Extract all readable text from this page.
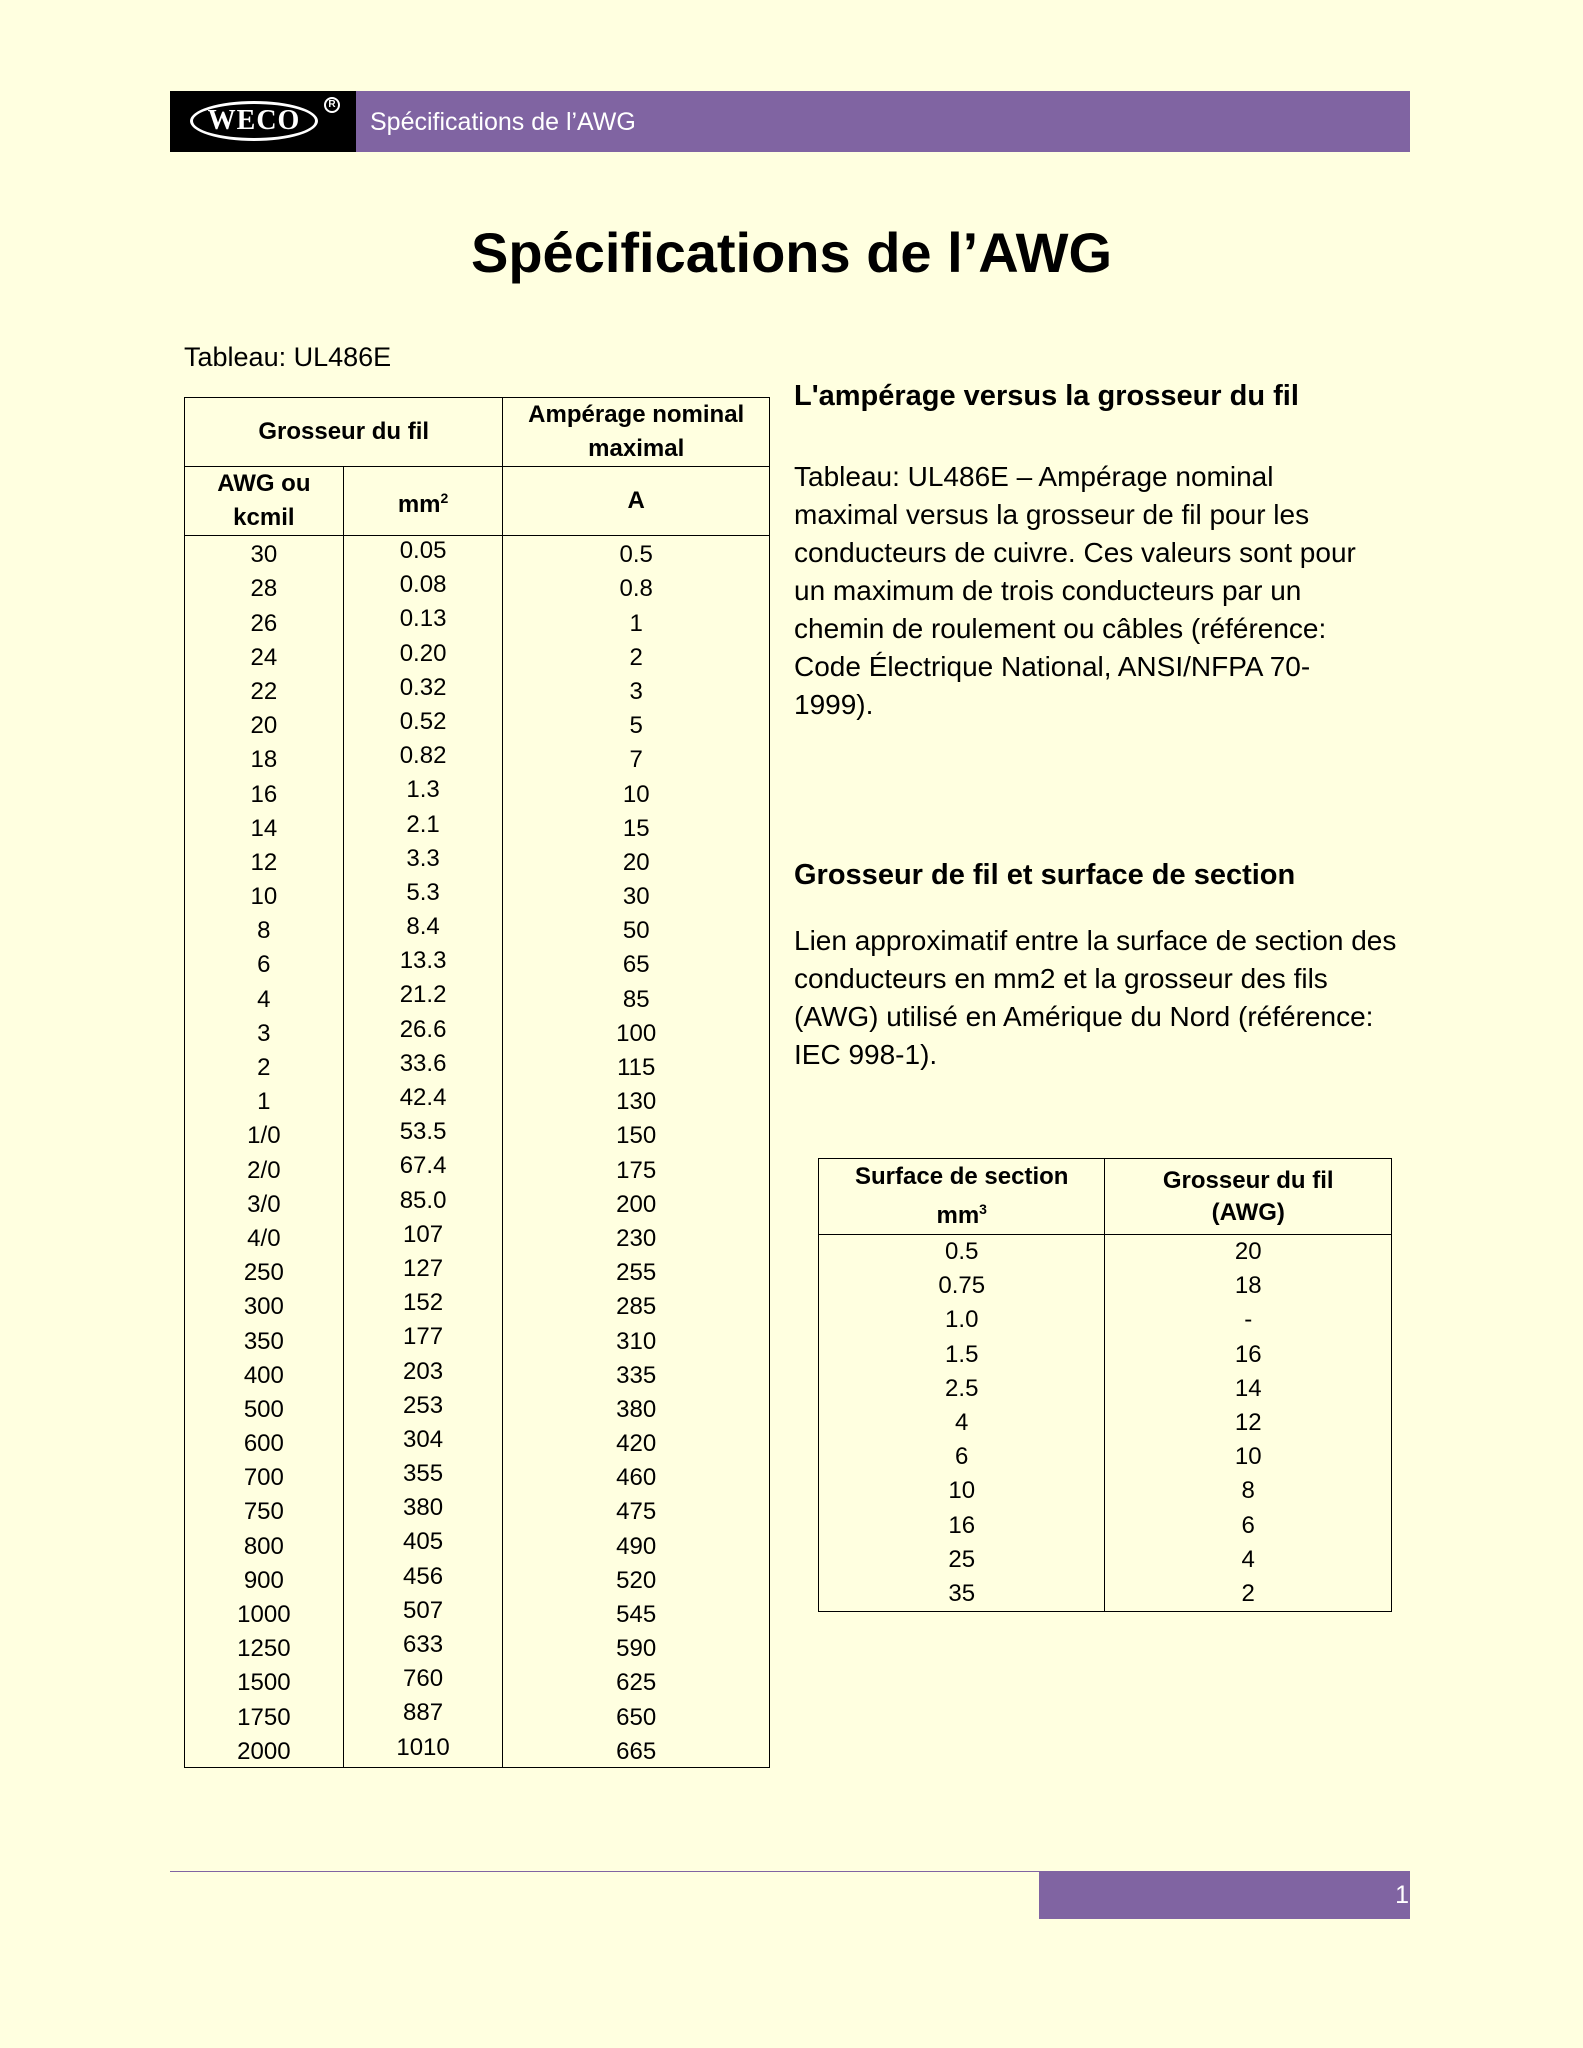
WECO
R
Spécifications de l’AWG
Spécifications de l’AWG
Tableau: UL486E
Grosseur du fil		Ampérage nominal
maximal
AWG ou
kcmil	$mm^2$	A
30	0.05	0.5
28	0.08	0.8
26	0.13	1
24	0.20	2
22	0.32	3
20	0.52	5
18	0.82	7
16	1.3	10
14	2.1	15
12	3.3	20
10	5.3	30
8	8.4	50
6	13.3	65
4	21.2	85
3	26.6	100
2	33.6	115
1	42.4	130
1/0	53.5	150
2/0	67.4	175
3/0	85.0	200
4/0	107	230
250	127	255
300	152	285
350	177	310
400	203	335
500	253	380
600	304	420
700	355	460
750	380	475
800	405	490
900	456	520
1000	507	545
1250	633	590
1500	760	625
1750	887	650
2000	1010	665
L'ampérage versus la grosseur du fil
Tableau: UL486E – Ampérage nominal
maximal versus la grosseur de fil pour les
conducteurs de cuivre. Ces valeurs sont pour
un maximum de trois conducteurs par un
chemin de roulement ou câbles (référence:
Code Électrique National, ANSI/NFPA 70-
1999).
Grosseur de fil et surface de section
Lien approximatif entre la surface de section des
conducteurs en mm2 et la grosseur des fils
(AWG) utilisé en Amérique du Nord (référence:
IEC 998-1).
Surface de section
$mm^3$	Grosseur du fil
(AWG)
0.5	20
0.75	18
1.0	-
1.5	16
2.5	14
4	12
6	10
10	8
16	6
25	4
35	2
1
